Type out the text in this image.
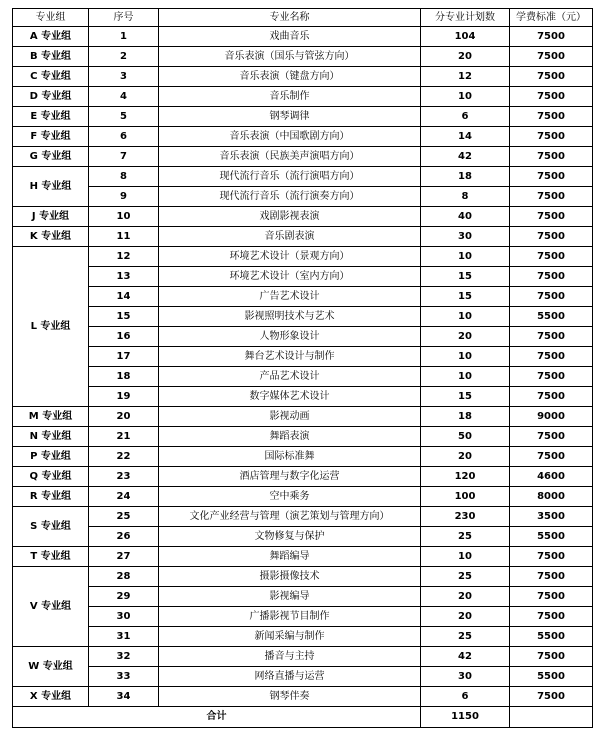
专业组	序号	专业名称	分专业计划数	学费标准（元）
A 专业组	1	戏曲音乐	104	7500
B 专业组	2	音乐表演（国乐与管弦方向）	20	7500
C 专业组	3	音乐表演（键盘方向）	12	7500
D 专业组	4	音乐制作	10	7500
E 专业组	5	钢琴调律	6	7500
F 专业组	6	音乐表演（中国歌剧方向）	14	7500
G 专业组	7	音乐表演（民族美声演唱方向）	42	7500
H 专业组	8	现代流行音乐（流行演唱方向）	18	7500
	9	现代流行音乐（流行演奏方向）	8	7500
J 专业组	10	戏剧影视表演	40	7500
K 专业组	11	音乐剧表演	30	7500
L 专业组	12	环境艺术设计（景观方向）	10	7500
	13	环境艺术设计（室内方向）	15	7500
	14	广告艺术设计	15	7500
	15	影视照明技术与艺术	10	5500
	16	人物形象设计	20	7500
	17	舞台艺术设计与制作	10	7500
	18	产品艺术设计	10	7500
	19	数字媒体艺术设计	15	7500
M 专业组	20	影视动画	18	9000
N 专业组	21	舞蹈表演	50	7500
P 专业组	22	国际标准舞	20	7500
Q 专业组	23	酒店管理与数字化运营	120	4600
R 专业组	24	空中乘务	100	8000
S 专业组	25	文化产业经营与管理（演艺策划与管理方向）	230	3500
	26	文物修复与保护	25	5500
T 专业组	27	舞蹈编导	10	7500
V 专业组	28	摄影摄像技术	25	7500
	29	影视编导	20	7500
	30	广播影视节目制作	20	7500
	31	新闻采编与制作	25	5500
W 专业组	32	播音与主持	42	7500
	33	网络直播与运营	30	5500
X 专业组	34	钢琴伴奏	6	7500
合计			1150	
